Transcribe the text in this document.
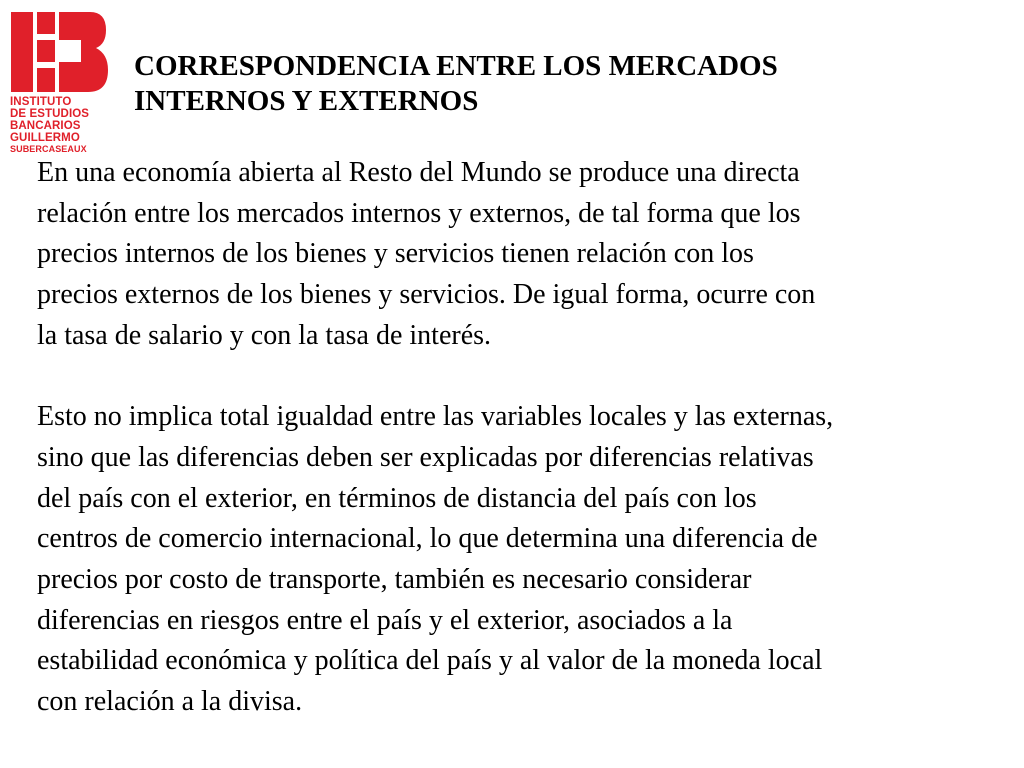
INSTITUTO
DE ESTUDIOS
BANCARIOS
GUILLERMO
SUBERCASEAUX
CORRESPONDENCIA ENTRE LOS MERCADOS
INTERNOS Y EXTERNOS

En una economía abierta al Resto del Mundo se produce una directa

relación entre los mercados internos y externos, de tal forma que los

precios internos de los bienes y servicios tienen relación con los

precios externos de los bienes y servicios. De igual forma, ocurre con

la tasa de salario y con la tasa de interés.

Esto no implica total igualdad entre las variables locales y las externas,

sino que las diferencias deben ser explicadas por diferencias relativas

del país con el exterior, en términos de distancia del país con los

centros de comercio internacional, lo que determina una diferencia de

precios por costo de transporte, también es necesario considerar

diferencias en riesgos entre el país y el exterior, asociados a la

estabilidad económica y política del país y al valor de la moneda local

con relación a la divisa.
